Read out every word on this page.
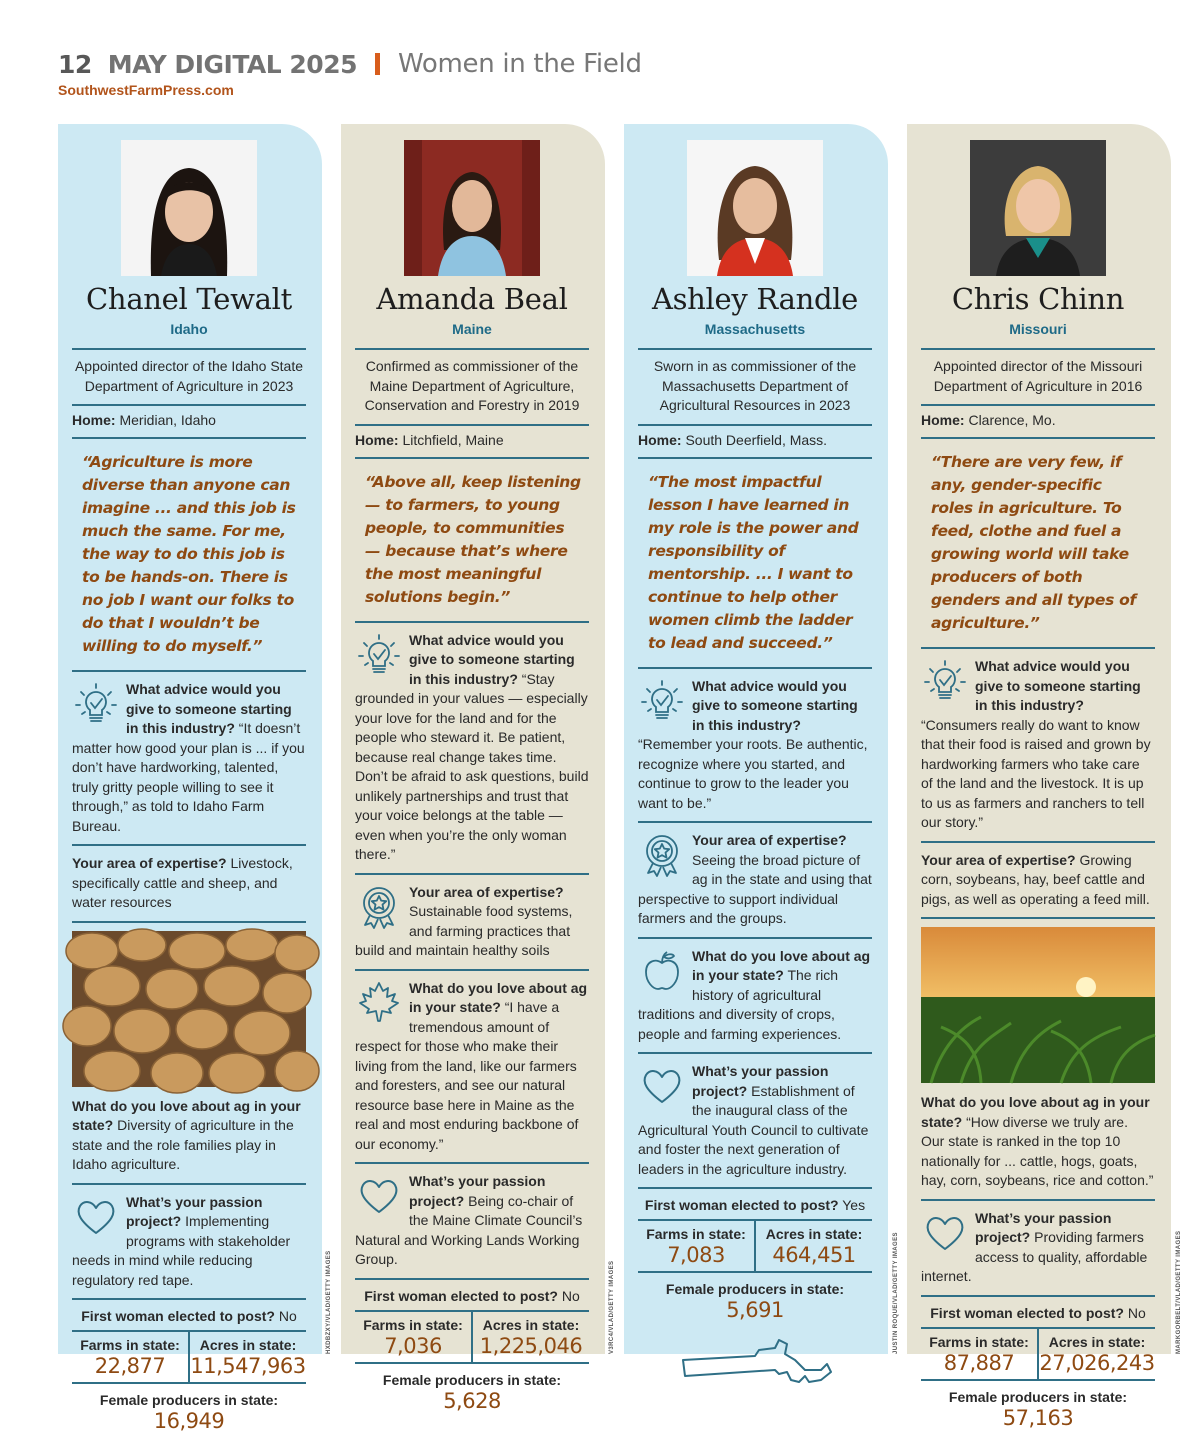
12 MAY DIGITAL 2025 Women in the Field
SouthwestFarmPress.com
Chanel Tewalt
Idaho
Appointed director of the Idaho State Department of Agriculture in 2023
Home: Meridian, Idaho
“Agriculture is more diverse than anyone can imagine ... and this job is much the same. For me, the way to do this job is to be hands-on. There is no job I want our folks to do that I wouldn’t be willing to do myself.”
What advice would you give to someone starting in this industry? “It doesn’t matter how good your plan is ... if you don’t have hardworking, talented, truly gritty people willing to see it through,” as told to Idaho Farm Bureau.
Your area of expertise? Livestock, specifically cattle and sheep, and water resources
What do you love about ag in your state? Diversity of agriculture in the state and the role families play in Idaho agriculture.
What’s your passion project? Implementing programs with stakeholder needs in mind while reducing regulatory red tape.
First woman elected to post? No
Farms in state:
22,877
Acres in state:
11,547,963
Female producers in state:
16,949
HXDBZXY/VLAD/GETTY IMAGES
Amanda Beal
Maine
Confirmed as commissioner of the Maine Department of Agriculture, Conservation and Forestry in 2019
Home: Litchfield, Maine
“Above all, keep listening — to farmers, to young people, to communities — because that’s where the most meaningful solutions begin.”
What advice would you give to someone starting in this industry? “Stay grounded in your values — especially your love for the land and for the people who steward it. Be patient, because real change takes time. Don’t be afraid to ask questions, build unlikely partnerships and trust that your voice belongs at the table — even when you’re the only woman there.”
Your area of expertise? Sustainable food systems, and farming practices that build and maintain healthy soils
What do you love about ag in your state? “I have a tremendous amount of respect for those who make their living from the land, like our farmers and foresters, and see our natural resource base here in Maine as the real and most enduring backbone of our economy.”
What’s your passion project? Being co-chair of the Maine Climate Council’s Natural and Working Lands Working Group.
First woman elected to post? No
Farms in state:
7,036
Acres in state:
1,225,046
Female producers in state:
5,628
V3RC4/VLAD/GETTY IMAGES
Ashley Randle
Massachusetts
Sworn in as commissioner of the Massachusetts Department of Agricultural Resources in 2023
Home: South Deerfield, Mass.
“The most impactful lesson I have learned in my role is the power and responsibility of mentorship. ... I want to continue to help other women climb the ladder to lead and succeed.”
What advice would you give to someone starting in this industry? “Remember your roots. Be authentic, recognize where you started, and continue to grow to the leader you want to be.”
Your area of expertise? Seeing the broad picture of ag in the state and using that perspective to support individual farmers and the groups.
What do you love about ag in your state? The rich history of agricultural traditions and diversity of crops, people and farming experiences.
What’s your passion project? Establishment of the inaugural class of the Agricultural Youth Council to cultivate and foster the next generation of leaders in the agriculture industry.
First woman elected to post? Yes
Farms in state:
7,083
Acres in state:
464,451
Female producers in state:
5,691	JUSTIN ROQUE/VLAD/GETTY IMAGES
Chris Chinn
Missouri
Appointed director of the Missouri Department of Agriculture in 2016
Home: Clarence, Mo.
“There are very few, if any, gender-specific roles in agriculture. To feed, clothe and fuel a growing world will take producers of both genders and all types of agriculture.”
What advice would you give to someone starting in this industry? “Consumers really do want to know that their food is raised and grown by hardworking farmers who take care of the land and the livestock. It is up to us as farmers and ranchers to tell our story.”
Your area of expertise? Growing corn, soybeans, hay, beef cattle and pigs, as well as operating a feed mill.
What do you love about ag in your state? “How diverse we truly are. Our state is ranked in the top 10 nationally for ... cattle, hogs, goats, hay, corn, soybeans, rice and cotton.”
What’s your passion project? Providing farmers access to quality, affordable internet.
First woman elected to post? No
Farms in state:
87,887
Acres in state:
27,026,243
Female producers in state:
57,163
MARKGORBELT/VLAD/GETTY IMAGES
